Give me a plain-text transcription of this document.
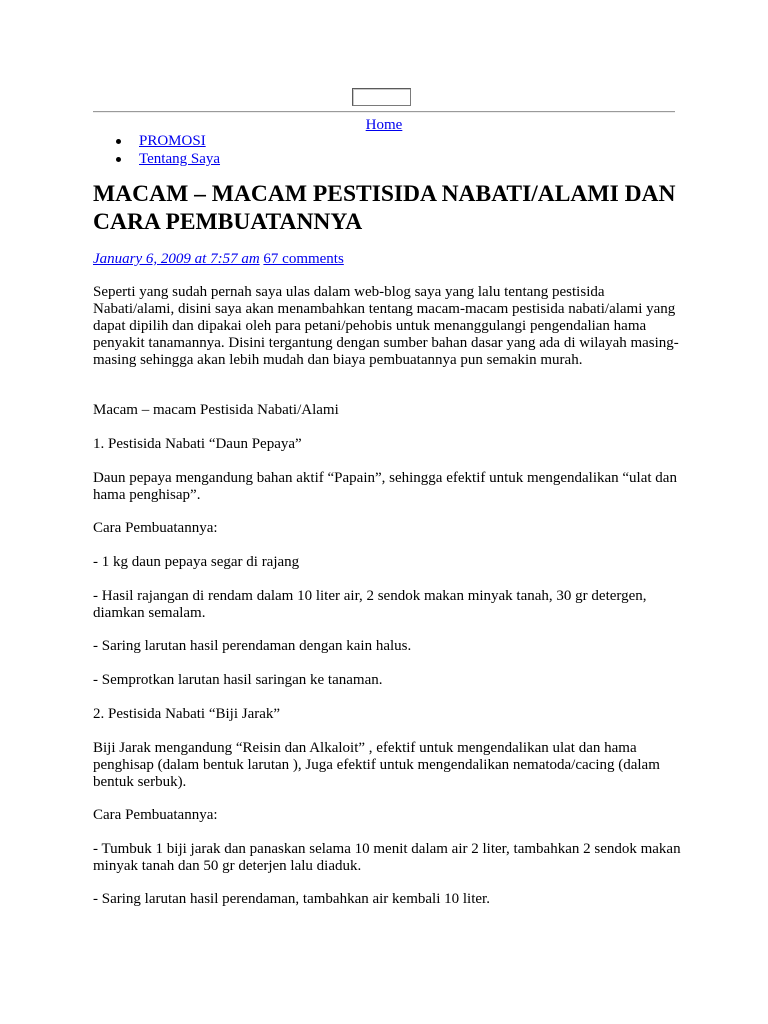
Home
PROMOSI
Tentang Saya
MACAM – MACAM PESTISIDA NABATI/ALAMI DAN CARA PEMBUATANNYA
January 6, 2009 at 7:57 am 67 comments

Seperti yang sudah pernah saya ulas dalam web-blog saya yang lalu tentang pestisida Nabati/alami, disini saya akan menambahkan tentang macam-macam pestisida nabati/alami yang dapat dipilih dan dipakai oleh para petani/pehobis untuk menanggulangi pengendalian hama penyakit tanamannya. Disini tergantung dengan sumber bahan dasar yang ada di wilayah masing-masing sehingga akan lebih mudah dan biaya pembuatannya pun semakin murah.

Macam – macam Pestisida Nabati/Alami

1. Pestisida Nabati “Daun Pepaya”

Daun pepaya mengandung bahan aktif “Papain”, sehingga efektif untuk mengendalikan “ulat dan hama penghisap”.

Cara Pembuatannya:

- 1 kg daun pepaya segar di rajang

- Hasil rajangan di rendam dalam 10 liter air, 2 sendok makan minyak tanah, 30 gr detergen, diamkan semalam.

- Saring larutan hasil perendaman dengan kain halus.

- Semprotkan larutan hasil saringan ke tanaman.

2. Pestisida Nabati “Biji Jarak”

Biji Jarak mengandung “Reisin dan Alkaloit” , efektif untuk mengendalikan ulat dan hama penghisap (dalam bentuk larutan ), Juga efektif untuk mengendalikan nematoda/cacing (dalam bentuk serbuk).

Cara Pembuatannya:

- Tumbuk 1 biji jarak dan panaskan selama 10 menit dalam air 2 liter, tambahkan 2 sendok makan minyak tanah dan 50 gr deterjen lalu diaduk.

- Saring larutan hasil perendaman, tambahkan air kembali 10 liter.
